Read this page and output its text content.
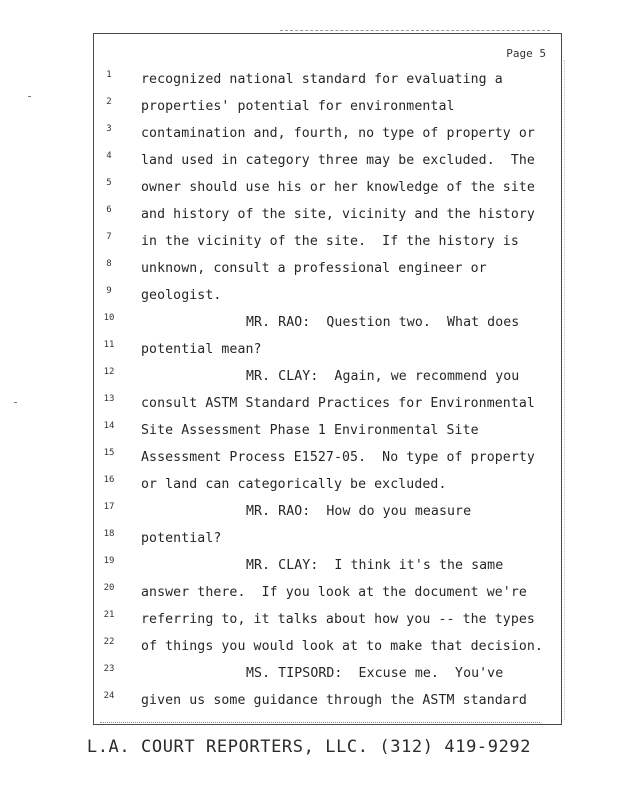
Page 5
1	recognized national standard for evaluating a
2	properties' potential for environmental
3	contamination and, fourth, no type of property or
4	land used in category three may be excluded.  The
5	owner should use his or her knowledge of the site
6	and history of the site, vicinity and the history
7	in the vicinity of the site.  If the history is
8	unknown, consult a professional engineer or
9	geologist.
10	MR. RAO:  Question two.  What does
11	potential mean?
12	MR. CLAY:  Again, we recommend you
13	consult ASTM Standard Practices for Environmental
14	Site Assessment Phase 1 Environmental Site
15	Assessment Process E1527-05.  No type of property
16	or land can categorically be excluded.
17	MR. RAO:  How do you measure
18	potential?
19	MR. CLAY:  I think it's the same
20	answer there.  If you look at the document we're
21	referring to, it talks about how you -- the types
22	of things you would look at to make that decision.
23	MS. TIPSORD:  Excuse me.  You've
24	given us some guidance through the ASTM standard
L.A. COURT REPORTERS, LLC. (312) 419-9292
